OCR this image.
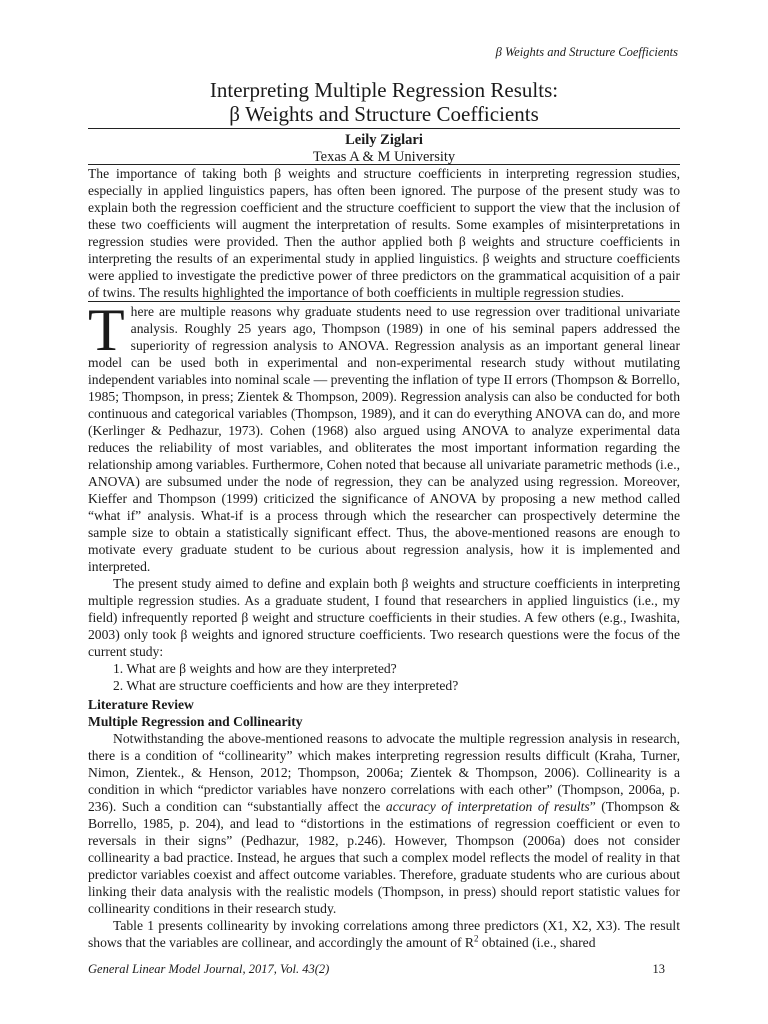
β Weights and Structure Coefficients
Interpreting Multiple Regression Results:
β Weights and Structure Coefficients
Leily Ziglari
Texas A & M University

The importance of taking both β weights and structure coefficients in interpreting regression studies, especially in applied linguistics papers, has often been ignored. The purpose of the present study was to explain both the regression coefficient and the structure coefficient to support the view that the inclusion of these two coefficients will augment the interpretation of results. Some examples of misinterpretations in regression studies were provided. Then the author applied both β weights and structure coefficients in interpreting the results of an experimental study in applied linguistics. β weights and structure coefficients were applied to investigate the predictive power of three predictors on the grammatical acquisition of a pair of twins. The results highlighted the importance of both coefficients in multiple regression studies.

There are multiple reasons why graduate students need to use regression over traditional univariate analysis. Roughly 25 years ago, Thompson (1989) in one of his seminal papers addressed the superiority of regression analysis to ANOVA. Regression analysis as an important general linear model can be used both in experimental and non-experimental research study without mutilating independent variables into nominal scale — preventing the inflation of type II errors (Thompson & Borrello, 1985; Thompson, in press; Zientek & Thompson, 2009). Regression analysis can also be conducted for both continuous and categorical variables (Thompson, 1989), and it can do everything ANOVA can do, and more (Kerlinger & Pedhazur, 1973). Cohen (1968) also argued using ANOVA to analyze experimental data reduces the reliability of most variables, and obliterates the most important information regarding the relationship among variables. Furthermore, Cohen noted that because all univariate parametric methods (i.e., ANOVA) are subsumed under the node of regression, they can be analyzed using regression. Moreover, Kieffer and Thompson (1999) criticized the significance of ANOVA by proposing a new method called “what if” analysis. What-if is a process through which the researcher can prospectively determine the sample size to obtain a statistically significant effect. Thus, the above-mentioned reasons are enough to motivate every graduate student to be curious about regression analysis, how it is implemented and interpreted.

The present study aimed to define and explain both β weights and structure coefficients in interpreting multiple regression studies. As a graduate student, I found that researchers in applied linguistics (i.e., my field) infrequently reported β weight and structure coefficients in their studies. A few others (e.g., Iwashita, 2003) only took β weights and ignored structure coefficients. Two research questions were the focus of the current study:

1. What are β weights and how are they interpreted?
2. What are structure coefficients and how are they interpreted?

Literature Review

Multiple Regression and Collinearity

Notwithstanding the above-mentioned reasons to advocate the multiple regression analysis in research, there is a condition of “collinearity” which makes interpreting regression results difficult (Kraha, Turner, Nimon, Zientek., & Henson, 2012; Thompson, 2006a; Zientek & Thompson, 2006). Collinearity is a condition in which “predictor variables have nonzero correlations with each other” (Thompson, 2006a, p. 236). Such a condition can “substantially affect the accuracy of interpretation of results” (Thompson & Borrello, 1985, p. 204), and lead to “distortions in the estimations of regression coefficient or even to reversals in their signs” (Pedhazur, 1982, p.246). However, Thompson (2006a) does not consider collinearity a bad practice. Instead, he argues that such a complex model reflects the model of reality in that predictor variables coexist and affect outcome variables. Therefore, graduate students who are curious about linking their data analysis with the realistic models (Thompson, in press) should report statistic values for collinearity conditions in their research study.

Table 1 presents collinearity by invoking correlations among three predictors (X1, X2, X3). The result shows that the variables are collinear, and accordingly the amount of $R^2$ obtained (i.e., shared

General Linear Model Journal, 2017, Vol. 43(2)	13
